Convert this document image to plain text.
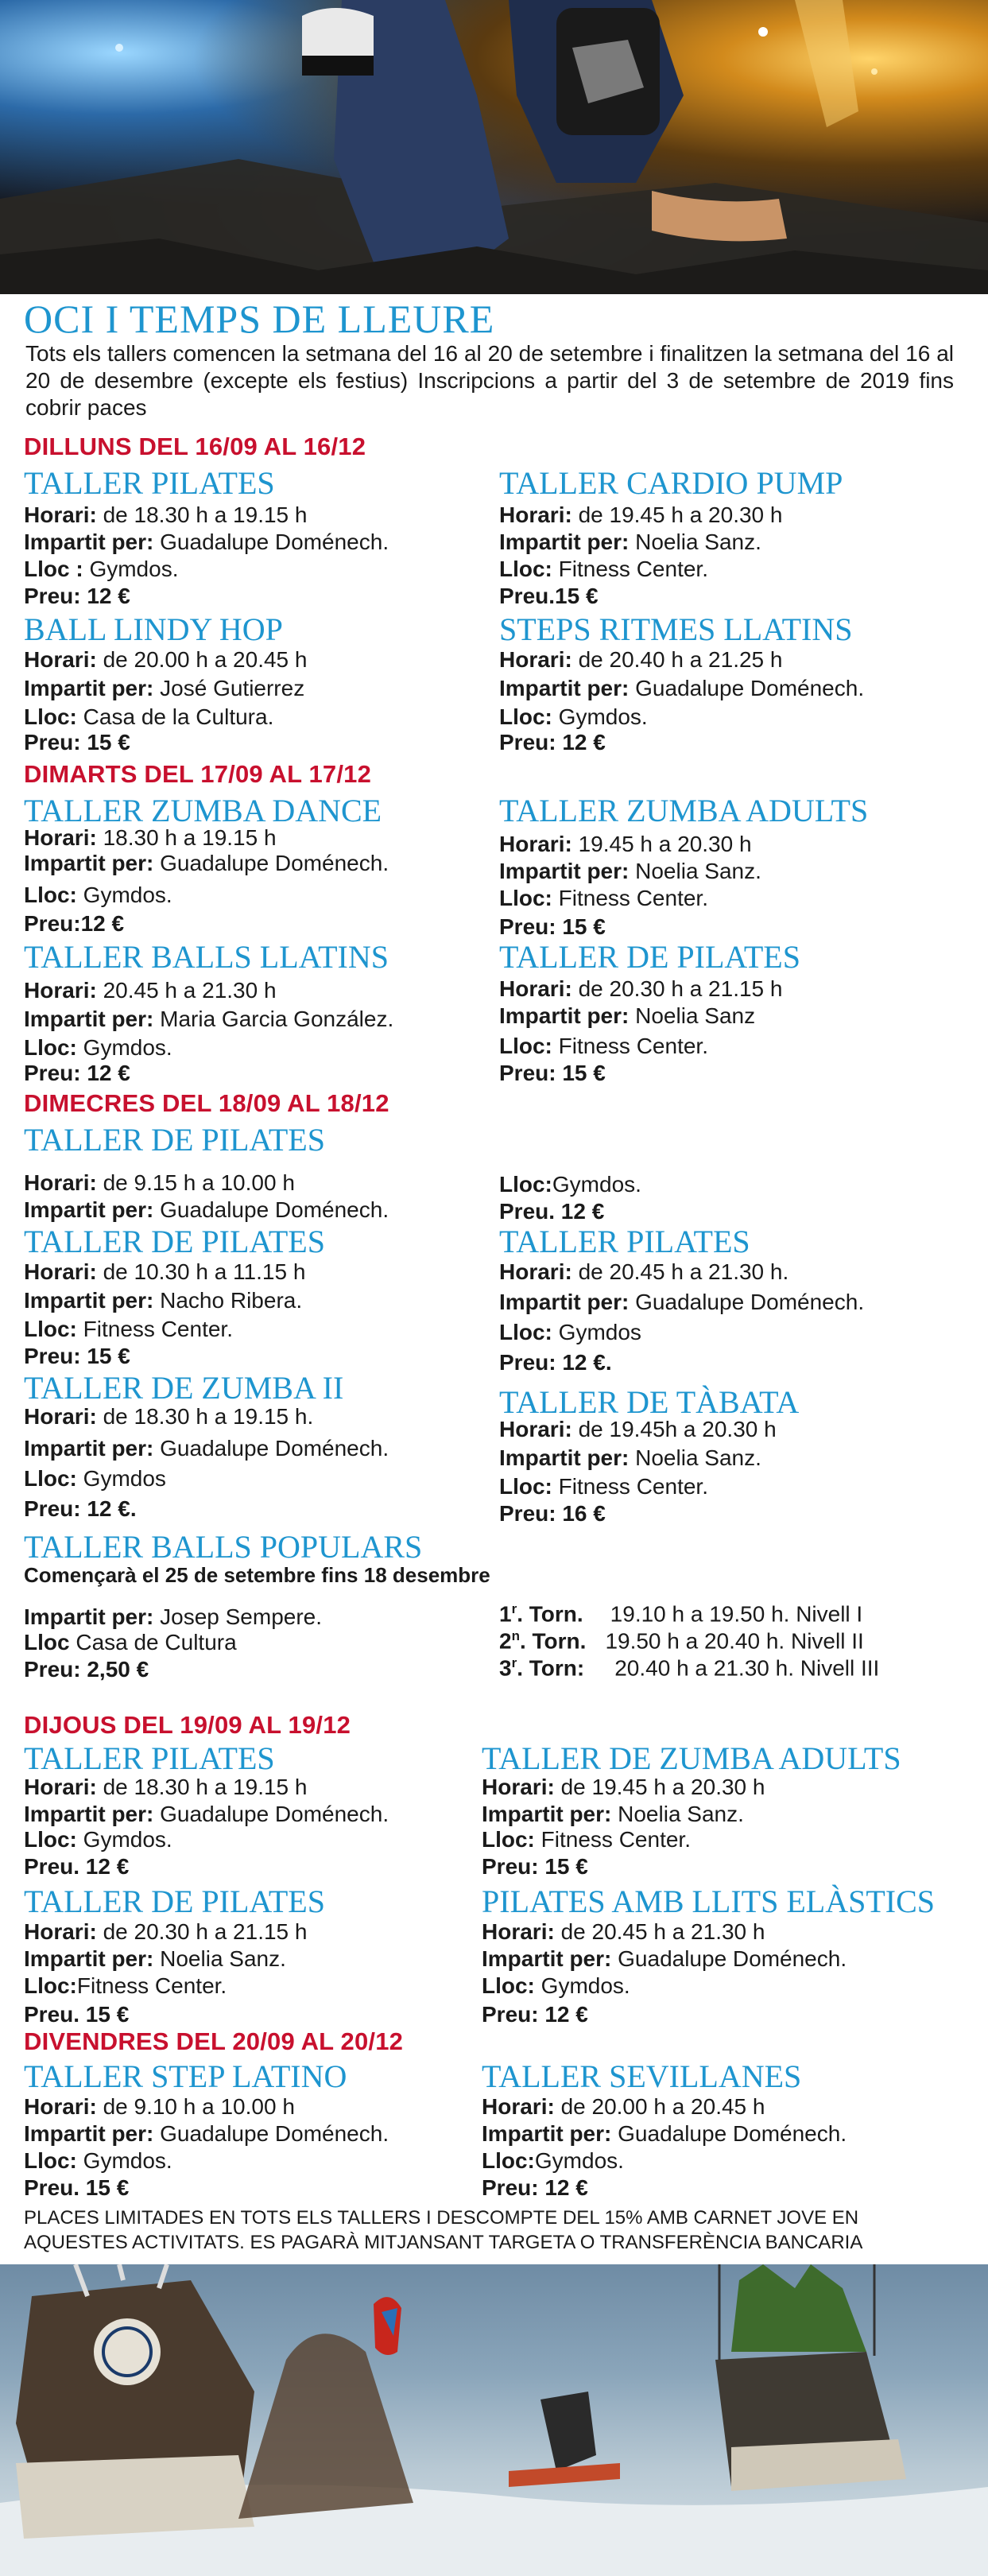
OCI I TEMPS DE LLEURE
Tots els tallers comencen la setmana del 16 al 20 de setembre i finalitzen la setmana del 16 al 20 de desembre (excepte els festius) Inscripcions a partir del 3 de setembre de 2019 fins cobrir paces
DILLUNS DEL 16/09 AL 16/12
TALLER PILATES
Horari: de 18.30 h a 19.15 h
Impartit per: Guadalupe Doménech.
Lloc : Gymdos.
Preu: 12 €
TALLER CARDIO PUMP
Horari: de 19.45 h a 20.30 h
Impartit per: Noelia Sanz.
Lloc: Fitness Center.
Preu.15 €
BALL LINDY HOP
Horari: de 20.00 h a 20.45 h
Impartit per: José Gutierrez
Lloc: Casa de la Cultura.
Preu: 15 €
STEPS RITMES LLATINS
Horari: de 20.40 h a 21.25 h
Impartit per: Guadalupe Doménech.
Lloc: Gymdos.
Preu: 12 €
DIMARTS DEL 17/09 AL 17/12
TALLER ZUMBA DANCE
Horari: 18.30 h a 19.15 h
Impartit per: Guadalupe Doménech.
Lloc: Gymdos.
Preu:12 €
TALLER ZUMBA ADULTS
Horari: 19.45 h a 20.30 h
Impartit per: Noelia Sanz.
Lloc: Fitness Center.
Preu: 15 €
TALLER BALLS LLATINS
Horari: 20.45 h a 21.30 h
Impartit per: Maria Garcia González.
Lloc: Gymdos.
Preu: 12 €
TALLER DE PILATES
Horari: de 20.30 h a 21.15 h
Impartit per: Noelia Sanz
Lloc: Fitness Center.
Preu: 15 €
DIMECRES DEL 18/09 AL 18/12
TALLER DE PILATES
Horari: de 9.15 h a 10.00 h
Impartit per: Guadalupe Doménech.
Lloc:Gymdos.
Preu. 12 €
TALLER DE PILATES
Horari: de 10.30 h a 11.15 h
Impartit per: Nacho Ribera.
Lloc: Fitness Center.
Preu: 15 €
TALLER PILATES
Horari: de 20.45 h a 21.30 h.
Impartit per: Guadalupe Doménech.
Lloc: Gymdos
Preu: 12 €.
TALLER DE ZUMBA II
Horari: de 18.30 h a 19.15 h.
Impartit per: Guadalupe Doménech.
Lloc: Gymdos
Preu: 12 €.
TALLER DE TÀBATA
Horari: de 19.45h a 20.30 h
Impartit per: Noelia Sanz.
Lloc: Fitness Center.
Preu: 16 €
TALLER BALLS POPULARS
Començarà el 25 de setembre fins 18 desembre
Impartit per: Josep Sempere.
Lloc Casa de Cultura
Preu: 2,50 €
1$^r$. Torn. 19.10 h a 19.50 h. Nivell I
2$^n$. Torn. 19.50 h a 20.40 h. Nivell II
3$^r$. Torn: 20.40 h a 21.30 h. Nivell III
DIJOUS DEL 19/09 AL 19/12
TALLER PILATES
Horari: de 18.30 h a 19.15 h
Impartit per: Guadalupe Doménech.
Lloc: Gymdos.
Preu. 12 €
TALLER DE ZUMBA ADULTS
Horari: de 19.45 h a 20.30 h
Impartit per: Noelia Sanz.
Lloc: Fitness Center.
Preu: 15 €
TALLER DE PILATES
Horari: de 20.30 h a 21.15 h
Impartit per: Noelia Sanz.
Lloc:Fitness Center.
Preu. 15 €
PILATES AMB LLITS ELÀSTICS
Horari: de 20.45 h a 21.30 h
Impartit per: Guadalupe Doménech.
Lloc: Gymdos.
Preu: 12 €
DIVENDRES DEL 20/09 AL 20/12
TALLER STEP LATINO
Horari: de 9.10 h a 10.00 h
Impartit per: Guadalupe Doménech.
Lloc: Gymdos.
Preu. 15 €
TALLER SEVILLANES
Horari: de 20.00 h a 20.45 h
Impartit per: Guadalupe Doménech.
Lloc:Gymdos.
Preu: 12 €
PLACES LIMITADES EN TOTS ELS TALLERS I DESCOMPTE DEL 15% AMB CARNET JOVE EN AQUESTES ACTIVITATS. ES PAGARÀ MITJANSANT TARGETA O TRANSFERÈNCIA BANCARIA
